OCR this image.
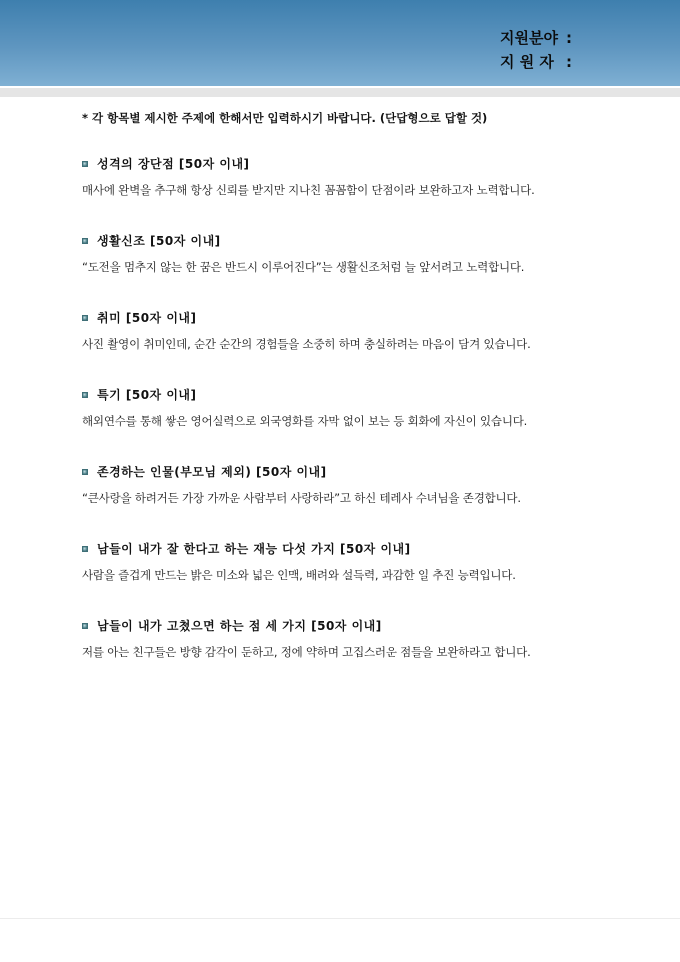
지원분야 :
지 원 자 :
* 각 항목별 제시한 주제에 한해서만 입력하시기 바랍니다. (단답형으로 답할 것)
성격의 장단점 [50자 이내]
매사에 완벽을 추구해 항상 신뢰를 받지만 지나친 꼼꼼함이 단점이라 보완하고자 노력합니다.
생활신조 [50자 이내]
“도전을 멈추지 않는 한 꿈은 반드시 이루어진다”는 생활신조처럼 늘 앞서려고 노력합니다.
취미 [50자 이내]
사진 촬영이 취미인데, 순간 순간의 경험들을 소중히 하며 충실하려는 마음이 담겨 있습니다.
특기 [50자 이내]
해외연수를 통해 쌓은 영어실력으로 외국영화를 자막 없이 보는 등 회화에 자신이 있습니다.
존경하는 인물(부모님 제외) [50자 이내]
“큰사랑을 하려거든 가장 가까운 사람부터 사랑하라”고 하신 테레사 수녀님을 존경합니다.
남들이 내가 잘 한다고 하는 재능 다섯 가지 [50자 이내]
사람을 즐겁게 만드는 밝은 미소와 넓은 인맥, 배려와 설득력, 과감한 일 추진 능력입니다.
남들이 내가 고쳤으면 하는 점 세 가지 [50자 이내]
저를 아는 친구들은 방향 감각이 둔하고, 정에 약하며 고집스러운 점들을 보완하라고 합니다.
